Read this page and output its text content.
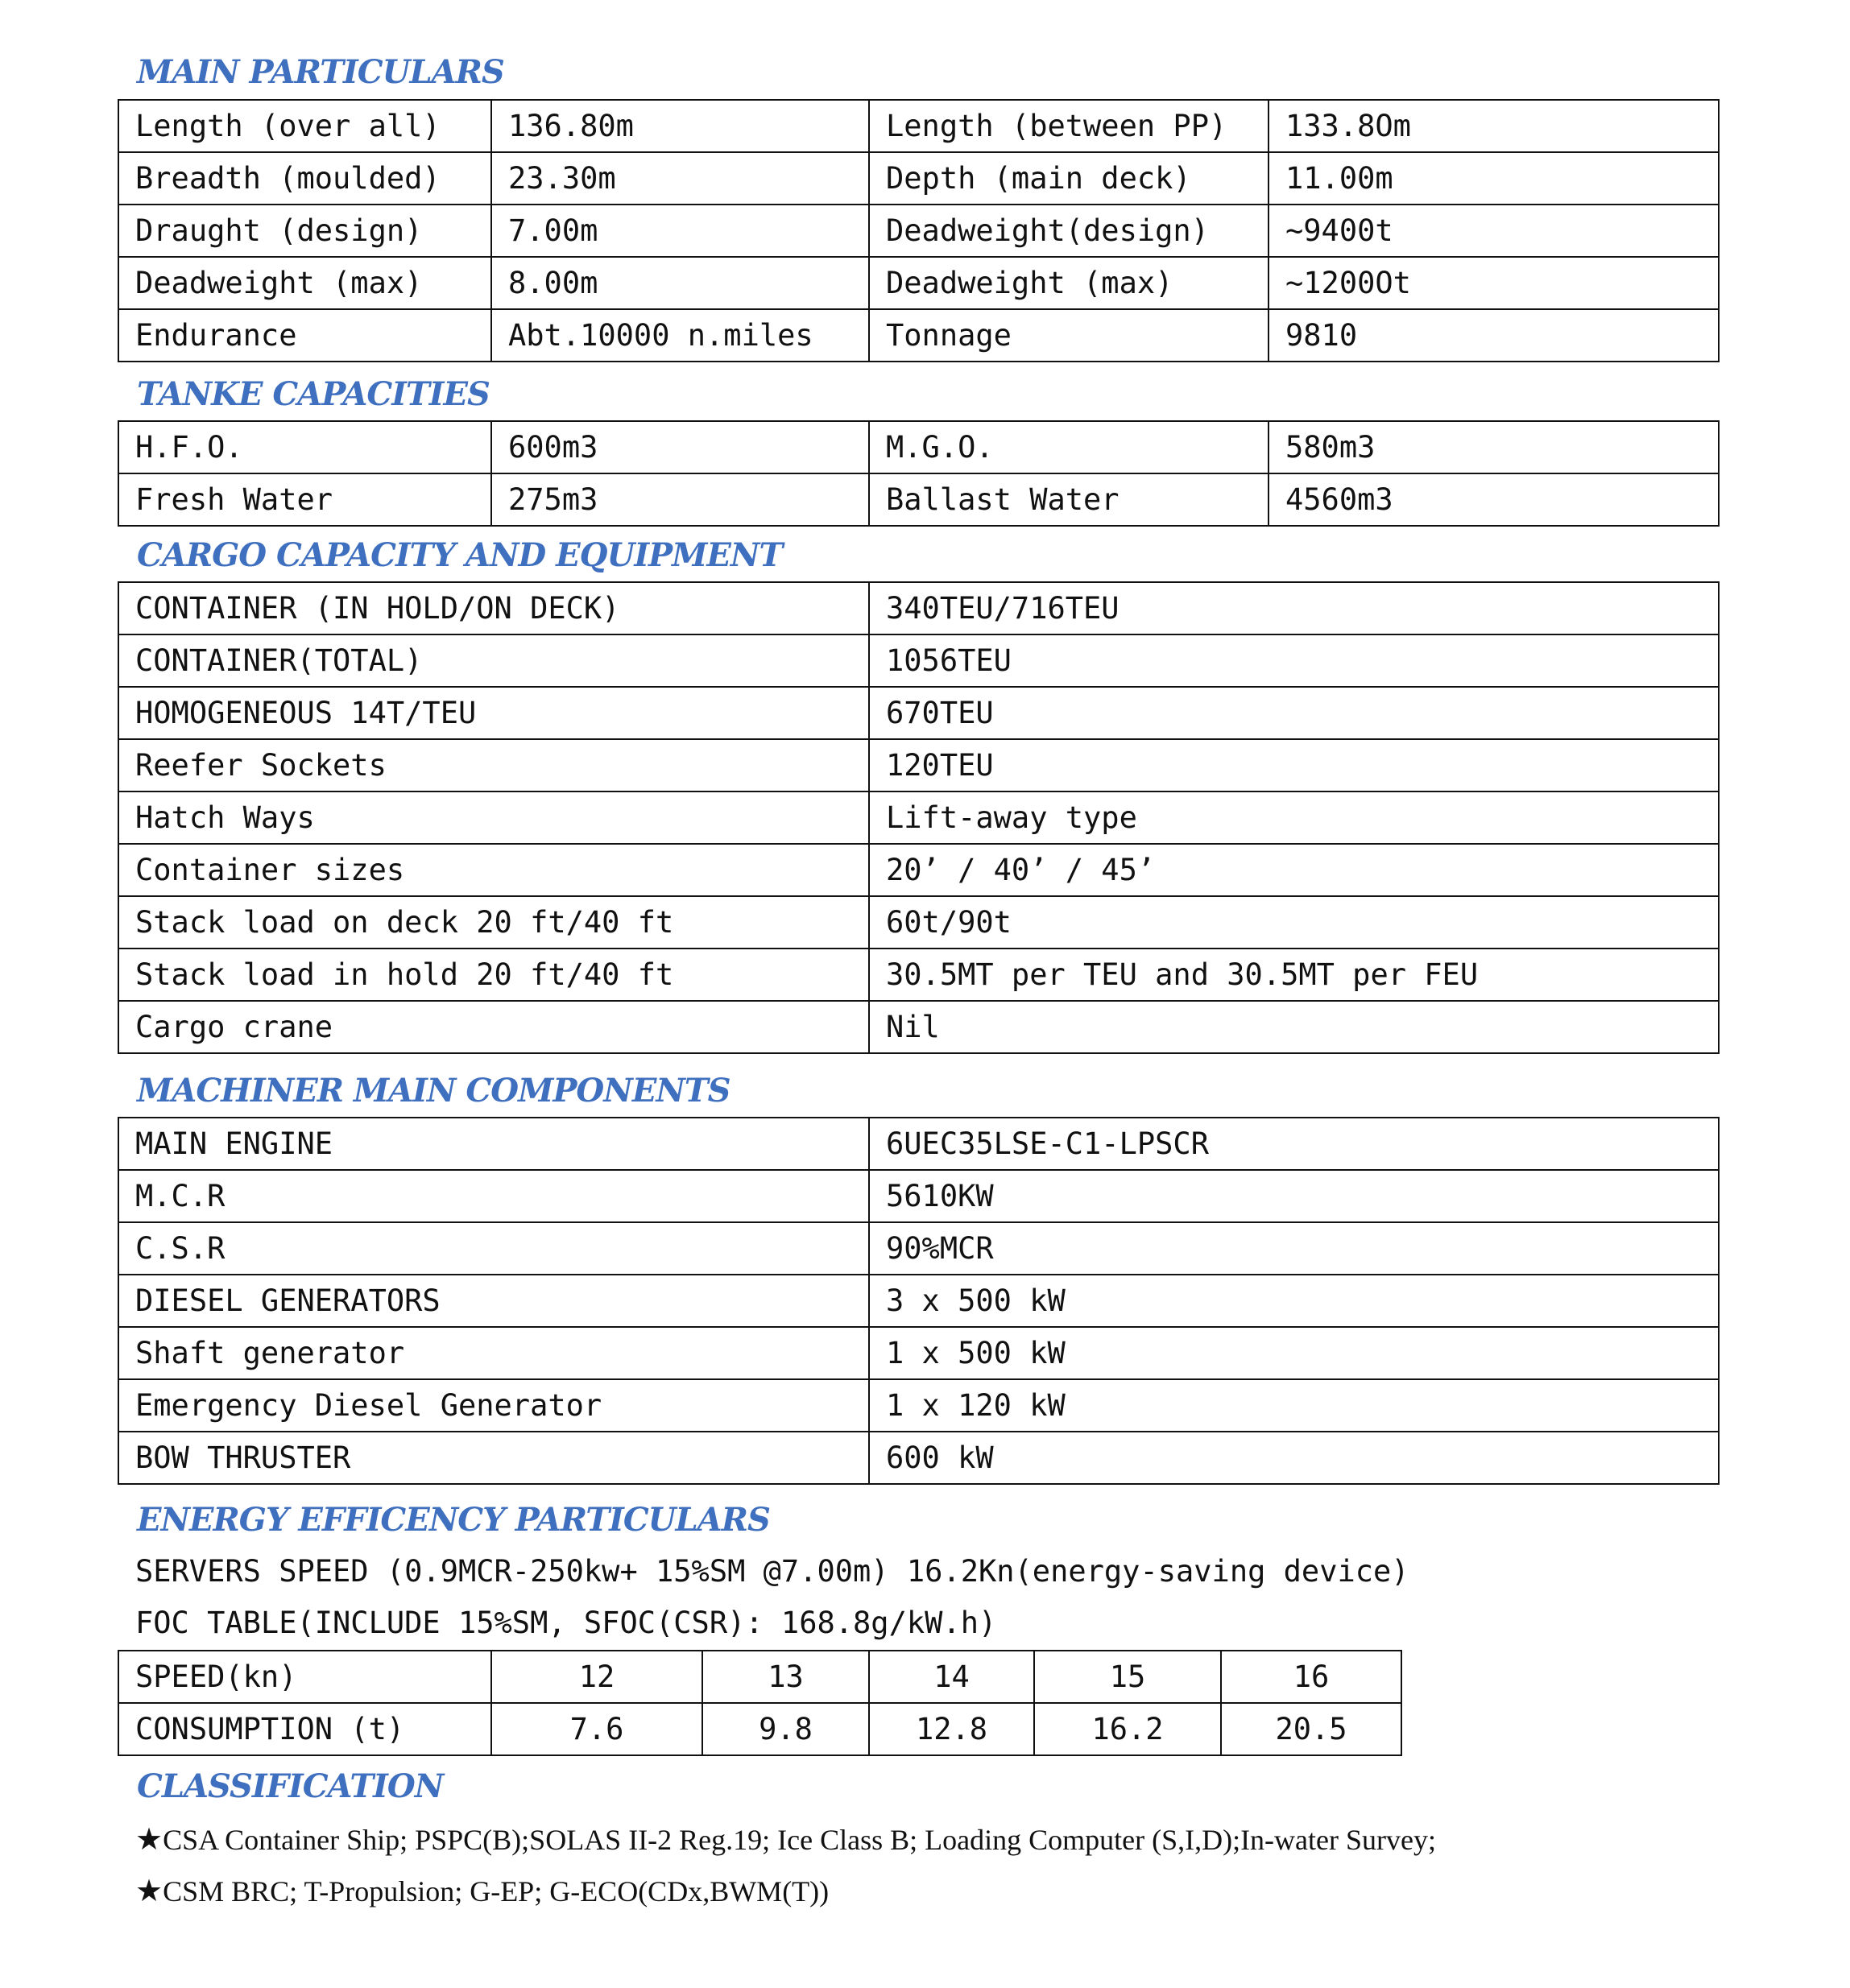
MAIN PARTICULARS
Length (over all)	136.80m	Length (between PP)	133.8Om
Breadth (moulded)	23.30m	Depth (main deck)	11.00m
Draught (design)	7.00m	Deadweight(design)	~9400t
Deadweight (max)	8.00m	Deadweight (max)	~1200Ot
Endurance	Abt.10000 n.miles	Tonnage	9810
TANKE CAPACITIES
H.F.O.	600m3	M.G.O.	580m3
Fresh Water	275m3	Ballast Water	4560m3
CARGO CAPACITY AND EQUIPMENT
CONTAINER (IN HOLD/ON DECK)	340TEU/716TEU
CONTAINER(TOTAL)	1056TEU
HOMOGENEOUS 14T/TEU	670TEU
Reefer Sockets	120TEU
Hatch Ways	Lift-away type
Container sizes	20’ / 40’ / 45’
Stack load on deck 20 ft/40 ft	60t/90t
Stack load in hold 20 ft/40 ft	30.5MT per TEU and 30.5MT per FEU
Cargo crane	Nil
MACHINER MAIN COMPONENTS
MAIN ENGINE	6UEC35LSE-C1-LPSCR
M.C.R	5610KW
C.S.R	90%MCR
DIESEL GENERATORS	3 x 500 kW
Shaft generator	1 x 500 kW
Emergency Diesel Generator	1 x 120 kW
BOW THRUSTER	600 kW
ENERGY EFFICENCY PARTICULARS
SERVERS SPEED (0.9MCR-250kw+ 15%SM @7.00m) 16.2Kn(energy-saving device)
FOC TABLE(INCLUDE 15%SM, SFOC(CSR): 168.8g/kW.h)
SPEED(kn)	12	13	14	15	16
CONSUMPTION (t)	7.6	9.8	12.8	16.2	20.5
CLASSIFICATION
★CSA Container Ship; PSPC(B);SOLAS II-2 Reg.19; Ice Class B; Loading Computer (S,I,D);In-water Survey;
★CSM BRC; T-Propulsion; G-EP; G-ECO(CDx,BWM(T))
